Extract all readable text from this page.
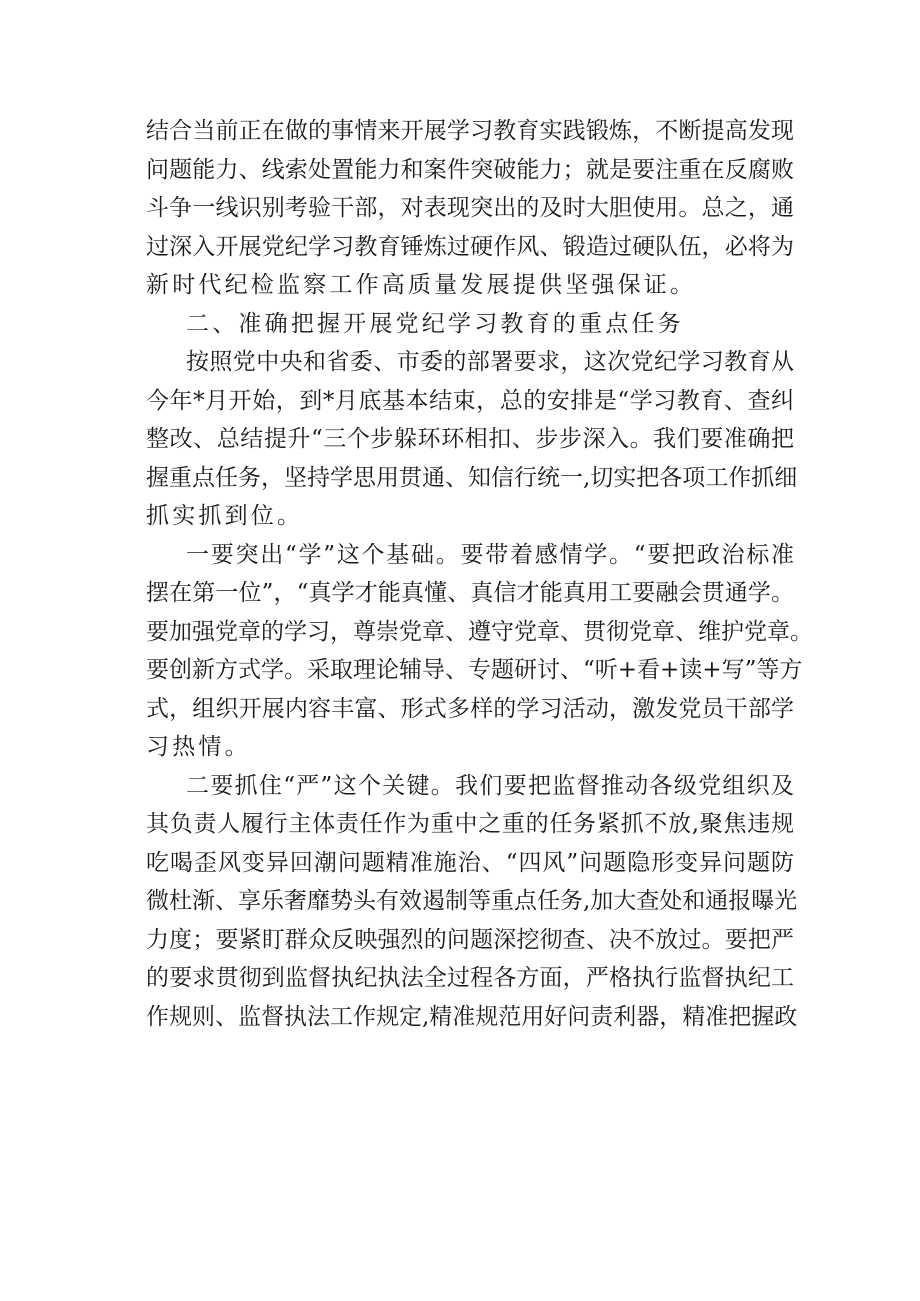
结合当前正在做的事情来开展学习教育实践锻炼，不断提高发现
问题能力、线索处置能力和案件突破能力；就是要注重在反腐败
斗争一线识别考验干部，对表现突出的及时大胆使用。总之，通
过深入开展党纪学习教育锤炼过硬作风、锻造过硬队伍，必将为
新时代纪检监察工作高质量发展提供坚强保证。
二、准确把握开展党纪学习教育的重点任务
按照党中央和省委、市委的部署要求，这次党纪学习教育从
今年*月开始，到*月底基本结束，总的安排是“学习教育、查纠
整改、总结提升“三个步躲环环相扣、步步深入。我们要准确把
握重点任务，坚持学思用贯通、知信行统一,切实把各项工作抓细
抓实抓到位。
一要突出“学”这个基础。要带着感情学。“要把政治标准
摆在第一位”，“真学才能真懂、真信才能真用工要融会贯通学。
要加强党章的学习，尊崇党章、遵守党章、贯彻党章、维护党章。
要创新方式学。采取理论辅导、专题研讨、“听+看+读+写”等方
式，组织开展内容丰富、形式多样的学习活动，激发党员干部学
习热情。
二要抓住“严”这个关键。我们要把监督推动各级党组织及
其负责人履行主体责任作为重中之重的任务紧抓不放,聚焦违规
吃喝歪风变异回潮问题精准施治、“四风”问题隐形变异问题防
微杜渐、享乐奢靡势头有效遏制等重点任务,加大查处和通报曝光
力度；要紧盯群众反映强烈的问题深挖彻查、决不放过。要把严
的要求贯彻到监督执纪执法全过程各方面，严格执行监督执纪工
作规则、监督执法工作规定,精准规范用好问责利器，精准把握政
